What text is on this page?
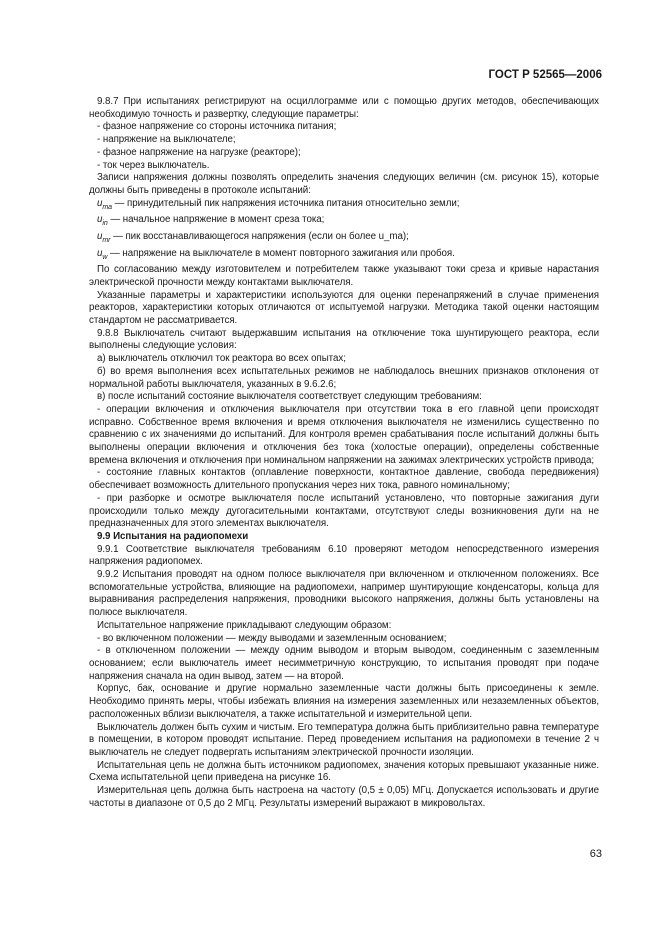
ГОСТ Р 52565—2006

9.8.7 При испытаниях регистрируют на осциллограмме или с помощью других методов, обеспечивающих необходимую точность и развертку, следующие параметры:

- фазное напряжение со стороны источника питания;

- напряжение на выключателе;

- фазное напряжение на нагрузке (реакторе);

- ток через выключатель.

Записи напряжения должны позволять определить значения следующих величин (см. рисунок 15), которые должны быть приведены в протоколе испытаний:

$u_{ma}$ — принудительный пик напряжения источника питания относительно земли;

$u_{in}$ — начальное напряжение в момент среза тока;

$u_{mr}$ — пик восстанавливающегося напряжения (если он более u_ma);

$u_w$ — напряжение на выключателе в момент повторного зажигания или пробоя.

По согласованию между изготовителем и потребителем также указывают токи среза и кривые нарастания электрической прочности между контактами выключателя.

Указанные параметры и характеристики используются для оценки перенапряжений в случае применения реакторов, характеристики которых отличаются от испытуемой нагрузки. Методика такой оценки настоящим стандартом не рассматривается.

9.8.8 Выключатель считают выдержавшим испытания на отключение тока шунтирующего реактора, если выполнены следующие условия:

а) выключатель отключил ток реактора во всех опытах;

б) во время выполнения всех испытательных режимов не наблюдалось внешних признаков отклонения от нормальной работы выключателя, указанных в 9.6.2.6;

в) после испытаний состояние выключателя соответствует следующим требованиям:

- операции включения и отключения выключателя при отсутствии тока в его главной цепи происходят исправно. Собственное время включения и время отключения выключателя не изменились существенно по сравнению с их значениями до испытаний. Для контроля времен срабатывания после испытаний должны быть выполнены операции включения и отключения без тока (холостые операции), определены собственные времена включения и отключения при номинальном напряжении на зажимах электрических устройств привода;

- состояние главных контактов (оплавление поверхности, контактное давление, свобода передвижения) обеспечивает возможность длительного пропускания через них тока, равного номинальному;

- при разборке и осмотре выключателя после испытаний установлено, что повторные зажигания дуги происходили только между дугогасительными контактами, отсутствуют следы возникновения дуги на не предназначенных для этого элементах выключателя.

9.9 Испытания на радиопомехи

9.9.1 Соответствие выключателя требованиям 6.10 проверяют методом непосредственного измерения напряжения радиопомех.

9.9.2 Испытания проводят на одном полюсе выключателя при включенном и отключенном положениях. Все вспомогательные устройства, влияющие на радиопомехи, например шунтирующие конденсаторы, кольца для выравнивания распределения напряжения, проводники высокого напряжения, должны быть установлены на полюсе выключателя.

Испытательное напряжение прикладывают следующим образом:

- во включенном положении — между выводами и заземленным основанием;

- в отключенном положении — между одним выводом и вторым выводом, соединенным с заземленным основанием; если выключатель имеет несимметричную конструкцию, то испытания проводят при подаче напряжения сначала на один вывод, затем — на второй.

Корпус, бак, основание и другие нормально заземленные части должны быть присоединены к земле. Необходимо принять меры, чтобы избежать влияния на измерения заземленных или незаземленных объектов, расположенных вблизи выключателя, а также испытательной и измерительной цепи.

Выключатель должен быть сухим и чистым. Его температура должна быть приблизительно равна температуре в помещении, в котором проводят испытание. Перед проведением испытания на радиопомехи в течение 2 ч выключатель не следует подвергать испытаниям электрической прочности изоляции.

Испытательная цепь не должна быть источником радиопомех, значения которых превышают указанные ниже. Схема испытательной цепи приведена на рисунке 16.

Измерительная цепь должна быть настроена на частоту (0,5 ± 0,05) МГц. Допускается использовать и другие частоты в диапазоне от 0,5 до 2 МГц. Результаты измерений выражают в микровольтах.

63
